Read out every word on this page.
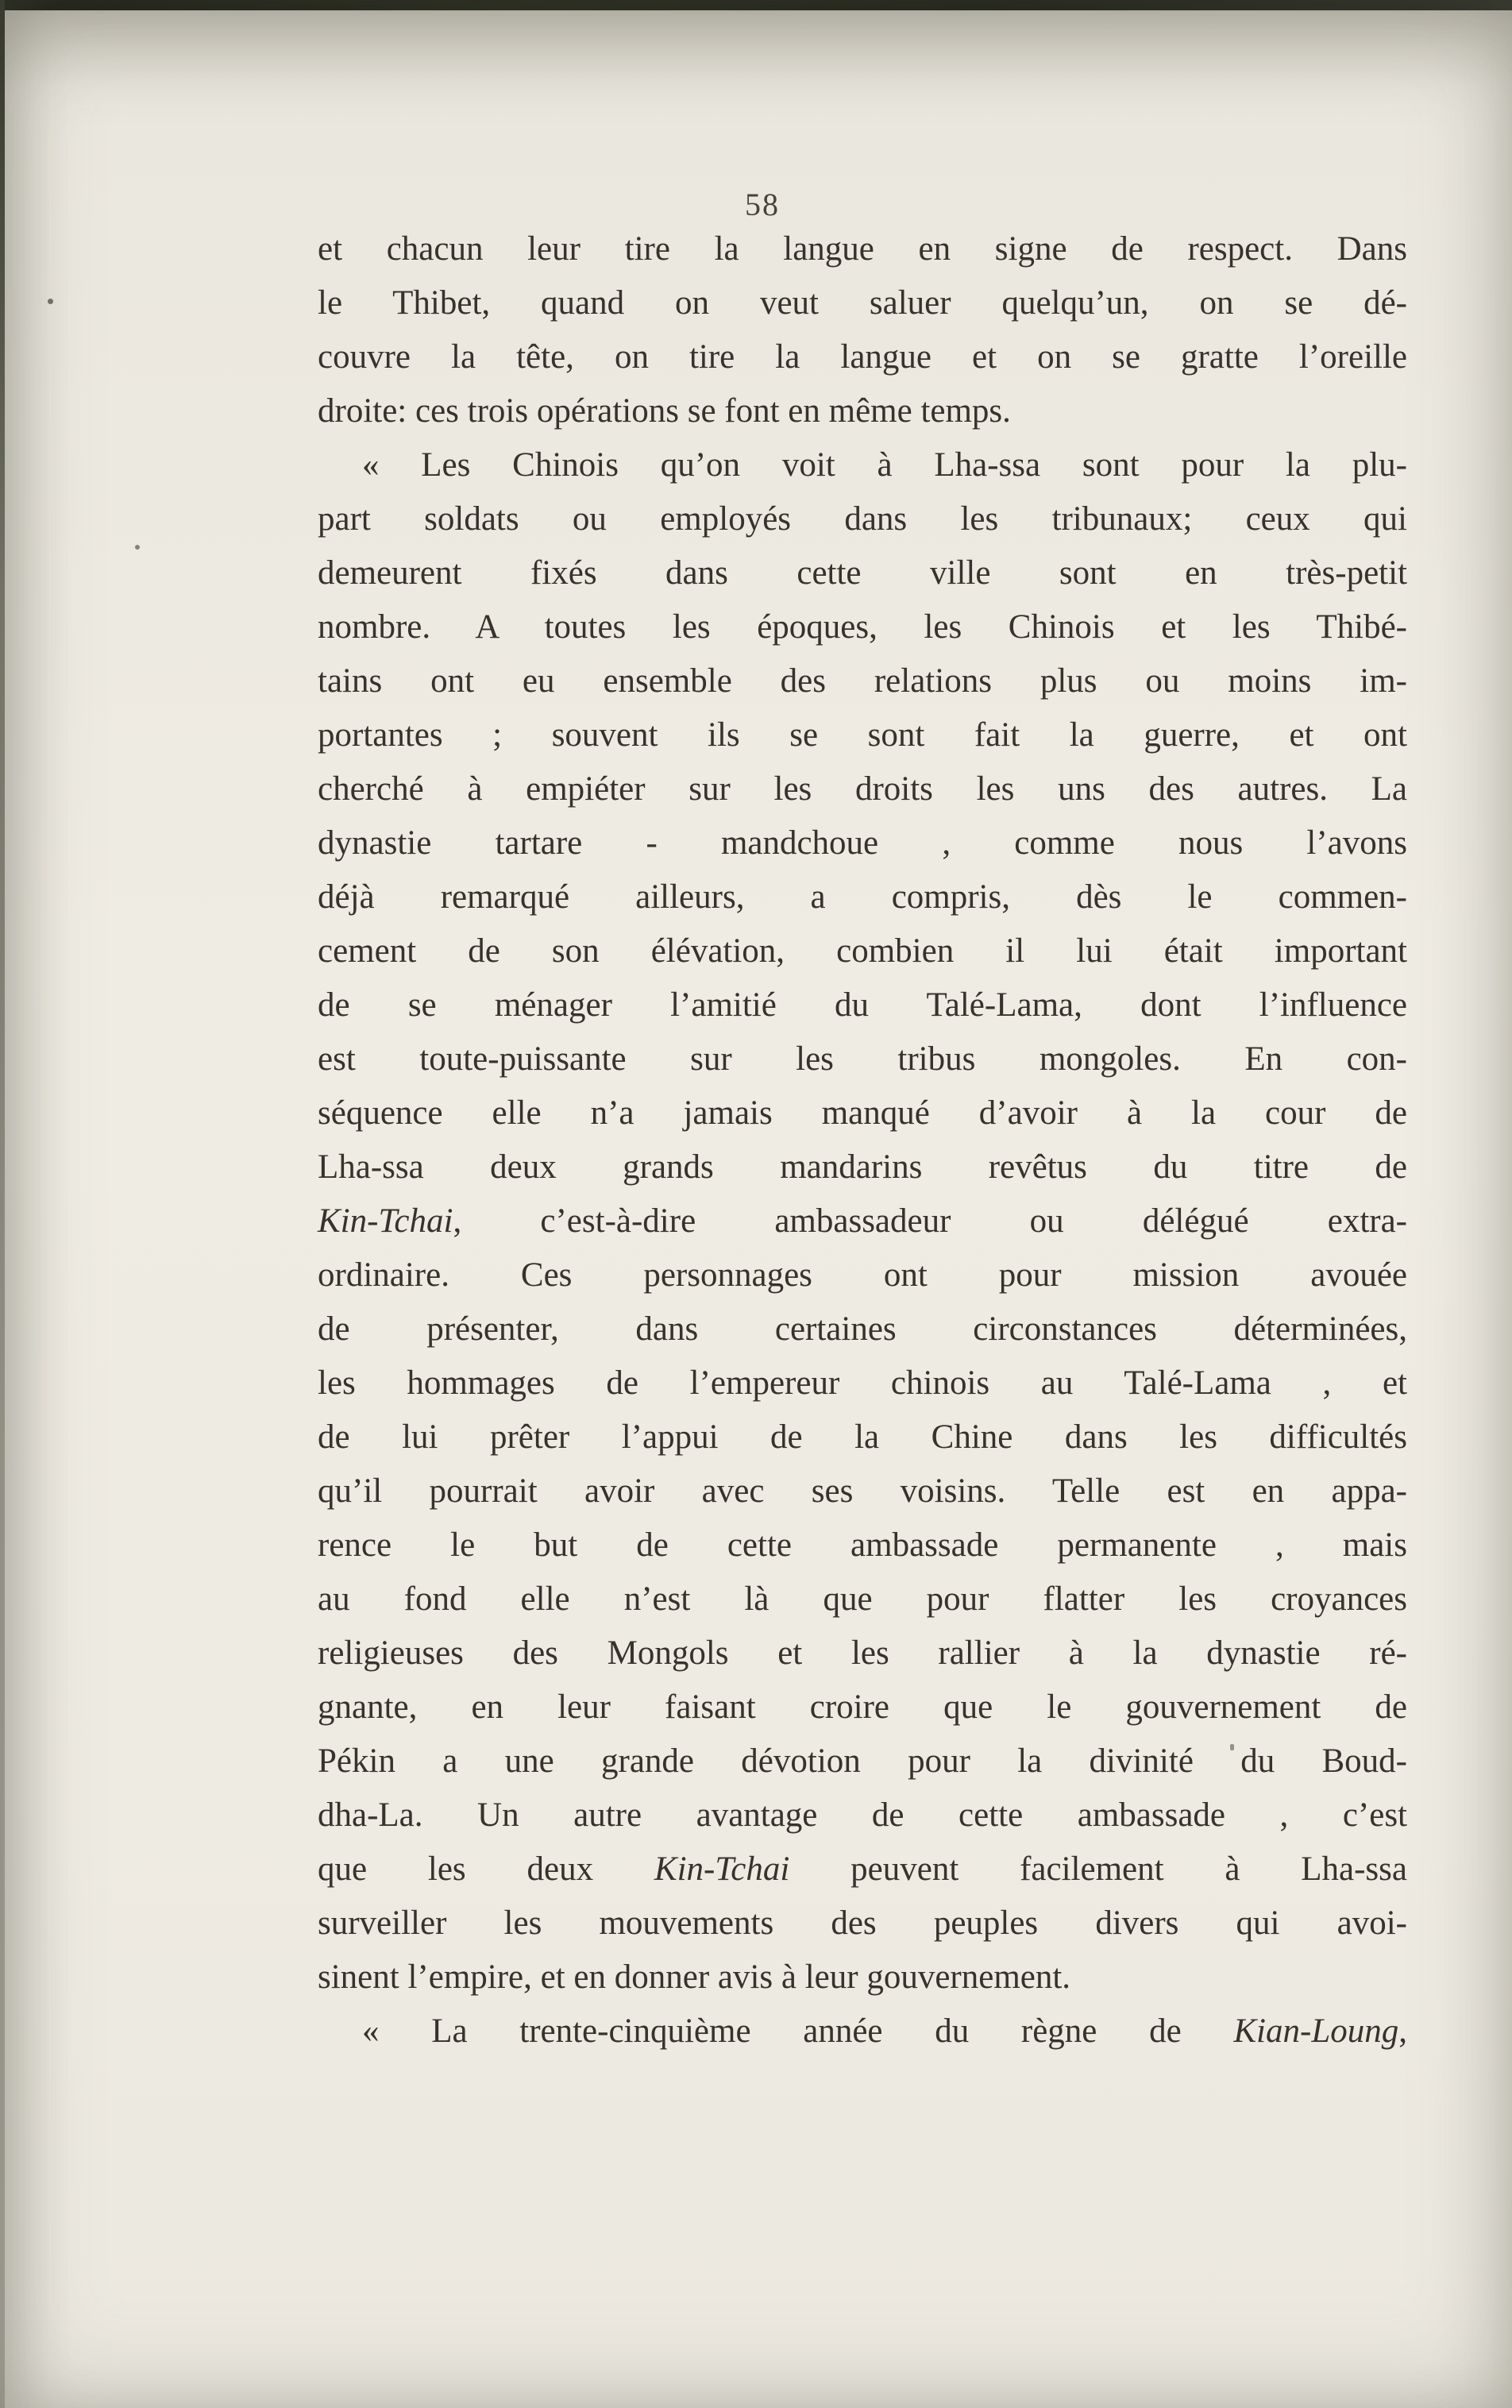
58
et chacun leur tire la langue en signe de respect. Dans
le Thibet, quand on veut saluer quelqu’un, on se dé-
couvre la tête, on tire la langue et on se gratte l’oreille
droite: ces trois opérations se font en même temps.
« Les Chinois qu’on voit à Lha-ssa sont pour la plu-
part soldats ou employés dans les tribunaux; ceux qui
demeurent fixés dans cette ville sont en très-petit
nombre. A toutes les époques, les Chinois et les Thibé-
tains ont eu ensemble des relations plus ou moins im-
portantes ; souvent ils se sont fait la guerre, et ont
cherché à empiéter sur les droits les uns des autres. La
dynastie tartare - mandchoue , comme nous l’avons
déjà remarqué ailleurs, a compris, dès le commen-
cement de son élévation, combien il lui était important
de se ménager l’amitié du Talé-Lama, dont l’influence
est toute-puissante sur les tribus mongoles. En con-
séquence elle n’a jamais manqué d’avoir à la cour de
Lha-ssa deux grands mandarins revêtus du titre de
Kin-Tchai, c’est-à-dire ambassadeur ou délégué extra-
ordinaire. Ces personnages ont pour mission avouée
de présenter, dans certaines circonstances déterminées,
les hommages de l’empereur chinois au Talé-Lama , et
de lui prêter l’appui de la Chine dans les difficultés
qu’il pourrait avoir avec ses voisins. Telle est en appa-
rence le but de cette ambassade permanente , mais
au fond elle n’est là que pour flatter les croyances
religieuses des Mongols et les rallier à la dynastie ré-
gnante, en leur faisant croire que le gouvernement de
Pékin a une grande dévotion pour la divinité du Boud-
dha-La. Un autre avantage de cette ambassade , c’est
que les deux Kin-Tchai peuvent facilement à Lha-ssa
surveiller les mouvements des peuples divers qui avoi-
sinent l’empire, et en donner avis à leur gouvernement.
« La trente-cinquième année du règne de Kian-Loung,
